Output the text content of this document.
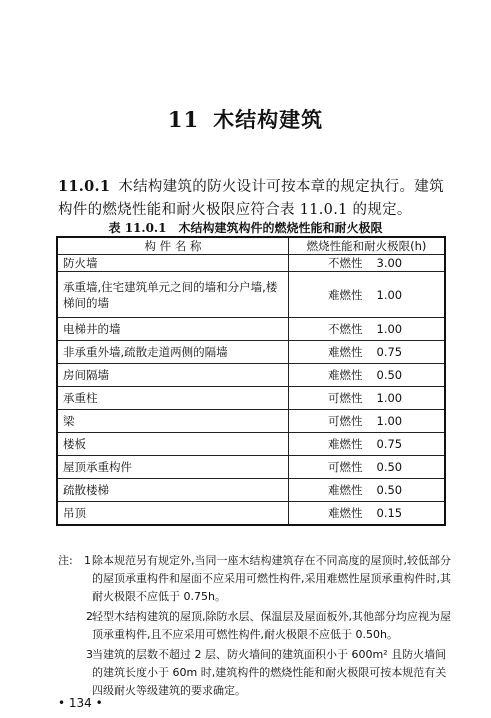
11 木结构建筑
11.0.1 木结构建筑的防火设计可按本章的规定执行。建筑构件的燃烧性能和耐火极限应符合表 11.0.1 的规定。
表 11.0.1 木结构建筑构件的燃烧性能和耐火极限
构 件 名 称	燃烧性能和耐火极限(h)
防火墙	不燃性 3.00
承重墙,住宅建筑单元之间的墙和分户墙,楼梯间的墙	难燃性 1.00
电梯井的墙	不燃性 1.00
非承重外墙,疏散走道两侧的隔墙	难燃性 0.75
房间隔墙	难燃性 0.50
承重柱	可燃性 1.00
梁	可燃性 1.00
楼板	难燃性 0.75
屋顶承重构件	可燃性 0.50
疏散楼梯	难燃性 0.50
吊顶	难燃性 0.15
注: 1 除本规范另有规定外,当同一座木结构建筑存在不同高度的屋顶时,较低部分的屋顶承重构件和屋面不应采用可燃性构件,采用难燃性屋顶承重构件时,其耐火极限不应低于 0.75h。
2 轻型木结构建筑的屋顶,除防水层、保温层及屋面板外,其他部分均应视为屋顶承重构件,且不应采用可燃性构件,耐火极限不应低于 0.50h。
3 当建筑的层数不超过 2 层、防火墙间的建筑面积小于 600m² 且防火墙间的建筑长度小于 60m 时,建筑构件的燃烧性能和耐火极限可按本规范有关四级耐火等级建筑的要求确定。
• 134 •
